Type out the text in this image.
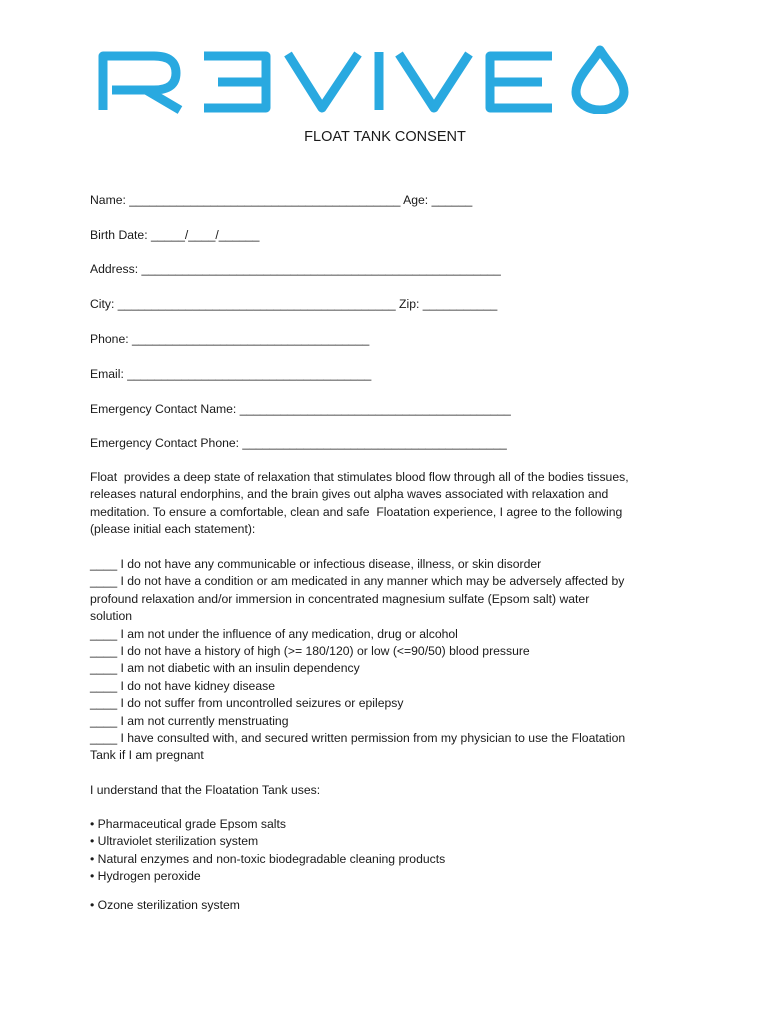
FLOAT TANK CONSENT
Name: ________________________________________ Age: ______
Birth Date: _____/____/______
Address: _____________________________________________________
City: _________________________________________ Zip: ___________
Phone: ___________________________________
Email: ____________________________________
Emergency Contact Name: ________________________________________
Emergency Contact Phone: _______________________________________
Float  provides a deep state of relaxation that stimulates blood flow through all of the bodies tissues,
releases natural endorphins, and the brain gives out alpha waves associated with relaxation and
meditation. To ensure a comfortable, clean and safe  Floatation experience, I agree to the following
(please initial each statement):
____ I do not have any communicable or infectious disease, illness, or skin disorder
____ I do not have a condition or am medicated in any manner which may be adversely affected by
profound relaxation and/or immersion in concentrated magnesium sulfate (Epsom salt) water
solution
____ I am not under the influence of any medication, drug or alcohol
____ I do not have a history of high (>= 180/120) or low (<=90/50) blood pressure
____ I am not diabetic with an insulin dependency
____ I do not have kidney disease
____ I do not suffer from uncontrolled seizures or epilepsy
____ I am not currently menstruating
____ I have consulted with, and secured written permission from my physician to use the Floatation
Tank if I am pregnant
I understand that the Floatation Tank uses:
• Pharmaceutical grade Epsom salts
• Ultraviolet sterilization system
• Natural enzymes and non-toxic biodegradable cleaning products
• Hydrogen peroxide
• Ozone sterilization system
